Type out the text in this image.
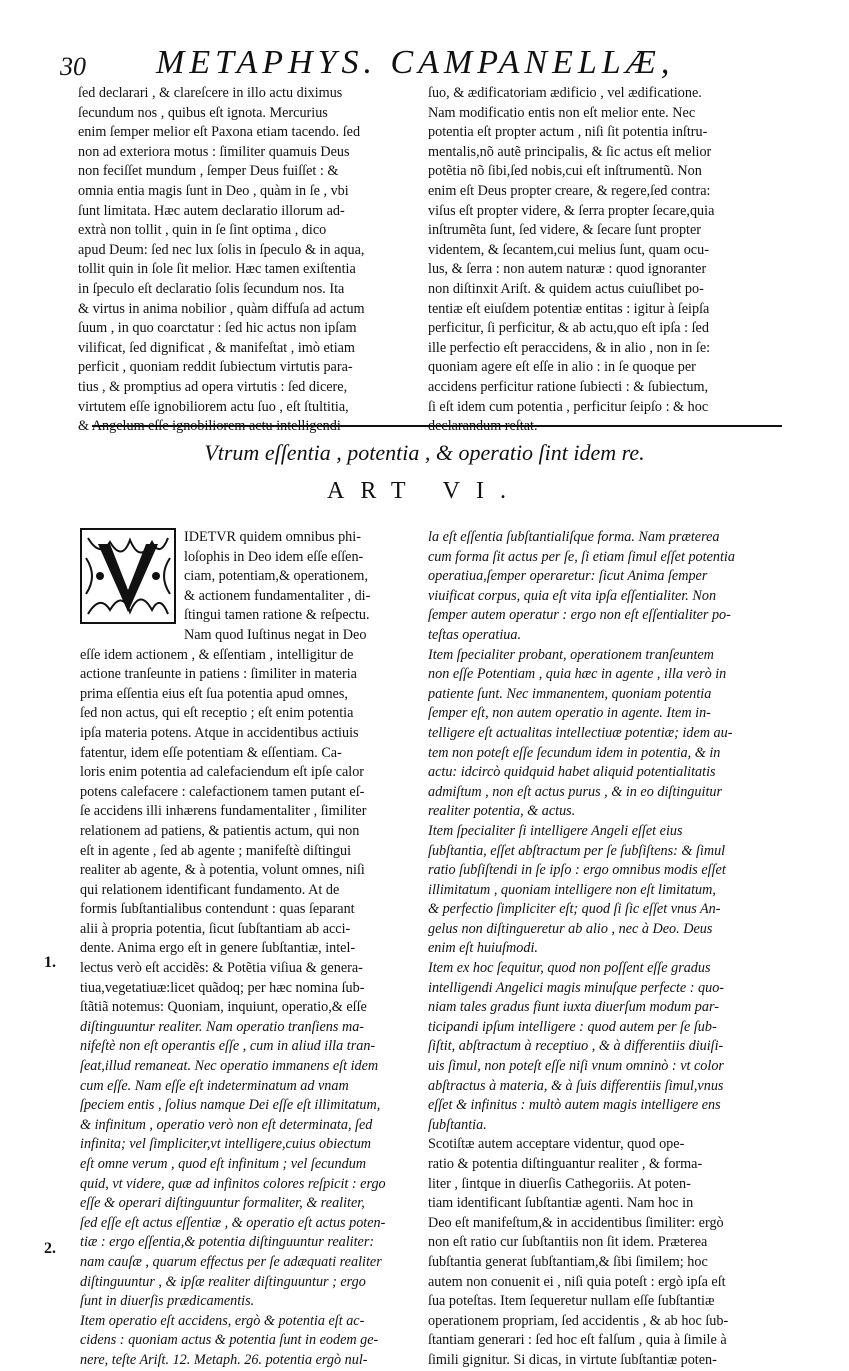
30 METAPHYS. CAMPANELLÆ,
ſed declarari , & clareſcere in illo actu diximus
ſecundum nos , quibus eſt ignota. Mercurius
enim ſemper melior eſt Paxona etiam tacendo. ſed
non ad exteriora motus : ſimiliter quamuis Deus
non feciſſet mundum , ſemper Deus fuiſſet : &
omnia entia magis ſunt in Deo , quàm in ſe , vbi
ſunt limitata. Hæc autem declaratio illorum ad-
extrà non tollit , quin in ſe ſint optima , dico
apud Deum: ſed nec lux ſolis in ſpeculo & in aqua,
tollit quin in ſole ſit melior. Hæc tamen exiſtentia
in ſpeculo eſt declaratio ſolis ſecundum nos. Ita
& virtus in anima nobilior , quàm diffuſa ad actum
ſuum , in quo coarctatur : ſed hic actus non ipſam
vilificat, ſed dignificat , & manifeſtat , imò etiam
perficit , quoniam reddit ſubiectum virtutis para-
tius , & promptius ad opera virtutis : ſed dicere,
virtutem eſſe ignobiliorem actu ſuo , eſt ſtultitia,
& Angelum eſſe ignobiliorem actu intelligendi
ſuo, & ædificatoriam ædificio , vel ædificatione.
Nam modificatio entis non eſt melior ente. Nec
potentia eſt propter actum , niſi ſit potentia inſtru-
mentalis,nõ autẽ principalis, & ſic actus eſt melior
potẽtia nõ ſibi,ſed nobis,cui eſt inſtrumentũ. Non
enim eſt Deus propter creare, & regere,ſed contra:
viſus eſt propter videre, & ſerra propter ſecare,quia
inſtrumẽta ſunt, ſed videre, & ſecare ſunt propter
videntem, & ſecantem,cui melius ſunt, quam ocu-
lus, & ſerra : non autem naturæ : quod ignoranter
non diſtinxit Ariſt. & quidem actus cuiuſlibet po-
tentiæ eſt eiuſdem potentiæ entitas : igitur à ſeipſa
perficitur, ſi perficitur, & ab actu,quo eſt ipſa : ſed
ille perfectio eſt peraccidens, & in alio , non in ſe:
quoniam agere eſt eſſe in alio : in ſe quoque per
accidens perficitur ratione ſubiecti : & ſubiectum,
ſi eſt idem cum potentia , perficitur ſeipſo : & hoc
declarandum reſtat.
Vtrum eſſentia , potentia , & operatio ſint idem re.
ART VI.
IDETVR quidem omnibus phi-
loſophis in Deo idem eſſe eſſen-
ciam, potentiam,& operationem,
& actionem fundamentaliter , di-
ſtingui tamen ratione & reſpectu.
Nam quod Iuſtinus negat in Deo
eſſe idem actionem , & eſſentiam , intelligitur de
actione tranſeunte in patiens : ſimiliter in materia
prima eſſentia eius eſt ſua potentia apud omnes,
ſed non actus, qui eſt receptio ; eſt enim potentia
ipſa materia potens. Atque in accidentibus actiuis
fatentur, idem eſſe potentiam & eſſentiam. Ca-
loris enim potentia ad calefaciendum eſt ipſe calor
potens calefacere : calefactionem tamen putant eſ-
ſe accidens illi inhærens fundamentaliter , ſimiliter
relationem ad patiens, & patientis actum, qui non
eſt in agente , ſed ab agente ; manifeſtè diſtingui
realiter ab agente, & à potentia, volunt omnes, niſi
qui relationem identificant fundamento. At de
formis ſubſtantialibus contendunt : quas ſeparant
alii à propria potentia, ſicut ſubſtantiam ab acci-
dente. Anima ergo eſt in genere ſubſtantiæ, intel-
lectus verò eſt accidẽs: & Potẽtia viſiua & genera-
tiua,vegetatiuæ:licet quãdoq; per hæc nomina ſub-
ſtãtiã notemus: Quoniam, inquiunt, operatio,& eſſe
diſtinguuntur realiter. Nam operatio tranſiens ma-
nifeſtè non eſt operantis eſſe , cum in aliud illa tran-
ſeat,illud remaneat. Nec operatio immanens eſt idem
cum eſſe. Nam eſſe eſt indeterminatum ad vnam
ſpeciem entis , ſolius namque Dei eſſe eſt illimitatum,
& infinitum , operatio verò non eſt determinata, ſed
infinita; vel ſimpliciter,vt intelligere,cuius obiectum
eſt omne verum , quod eſt infinitum ; vel ſecundum
quid, vt videre, quæ ad infinitos colores reſpicit : ergo
eſſe & operari diſtinguuntur formaliter, & realiter,
ſed eſſe eſt actus eſſentiæ , & operatio eſt actus poten-
tiæ : ergo eſſentia,& potentia diſtinguuntur realiter:
nam cauſæ , quarum effectus per ſe adæquati realiter
diſtinguuntur , & ipſæ realiter diſtinguuntur ; ergo
ſunt in diuerſis prædicamentis.
Item operatio eſt accidens, ergò & potentia eſt ac-
cidens : quoniam actus & potentia ſunt in eodem ge-
nere, teſte Ariſt. 12. Metaph. 26. potentia ergò nul-
la eſt eſſentia ſubſtantialiſque forma. Nam præterea
cum forma ſit actus per ſe, ſi etiam ſimul eſſet potentia
operatiua,ſemper operaretur: ſicut Anima ſemper
viuificat corpus, quia eſt vita ipſa eſſentialiter. Non
ſemper autem operatur : ergo non eſt eſſentialiter po-
teſtas operatiua.
Item ſpecialiter probant, operationem tranſeuntem
non eſſe Potentiam , quia hæc in agente , illa verò in
patiente ſunt. Nec immanentem, quoniam potentia
ſemper eſt, non autem operatio in agente. Item in-
telligere eſt actualitas intellectiuæ potentiæ; idem au-
tem non poteſt eſſe ſecundum idem in potentia, & in
actu: idcircò quidquid habet aliquid potentialitatis
admiſtum , non eſt actus purus , & in eo diſtinguitur
realiter potentia, & actus.
Item ſpecialiter ſi intelligere Angeli eſſet eius
ſubſtantia, eſſet abſtractum per ſe ſubſiſtens: & ſimul
ratio ſubſiſtendi in ſe ipſo : ergo omnibus modis eſſet
illimitatum , quoniam intelligere non eſt limitatum,
& perfectio ſimpliciter eſt; quod ſi ſic eſſet vnus An-
gelus non diſtingueretur ab alio , nec à Deo. Deus
enim eſt huiuſmodi.
Item ex hoc ſequitur, quod non poſſent eſſe gradus
intelligendi Angelici magis minuſque perfecte : quo-
niam tales gradus fiunt iuxta diuerſum modum par-
ticipandi ipſum intelligere : quod autem per ſe ſub-
ſiſtit, abſtractum à receptiuo , & à differentiis diuiſi-
uis ſimul, non poteſt eſſe niſi vnum omninò : vt color
abſtractus à materia, & à ſuis differentiis ſimul,vnus
eſſet & infinitus : multò autem magis intelligere ens
ſubſtantia.
Scotiſtæ autem acceptare videntur, quod ope-
ratio & potentia diſtinguantur realiter , & forma-
liter , ſintque in diuerſis Cathegoriis. At poten-
tiam identificant ſubſtantiæ agenti. Nam hoc in
Deo eſt manifeſtum,& in accidentibus ſimiliter: ergò
non eſt ratio cur ſubſtantiis non ſit idem. Præterea
ſubſtantia generat ſubſtantiam,& ſibi ſimilem; hoc
autem non conuenit ei , niſi quia poteſt : ergò ipſa eſt
ſua poteſtas. Item ſequeretur nullam eſſe ſubſtantiæ
operationem propriam, ſed accidentis , & ab hoc ſub-
ſtantiam generari : ſed hoc eſt falſum , quia à ſimile à
ſimili gignitur. Si dicas, in virtute ſubſtantiæ poten-
1.
2.
